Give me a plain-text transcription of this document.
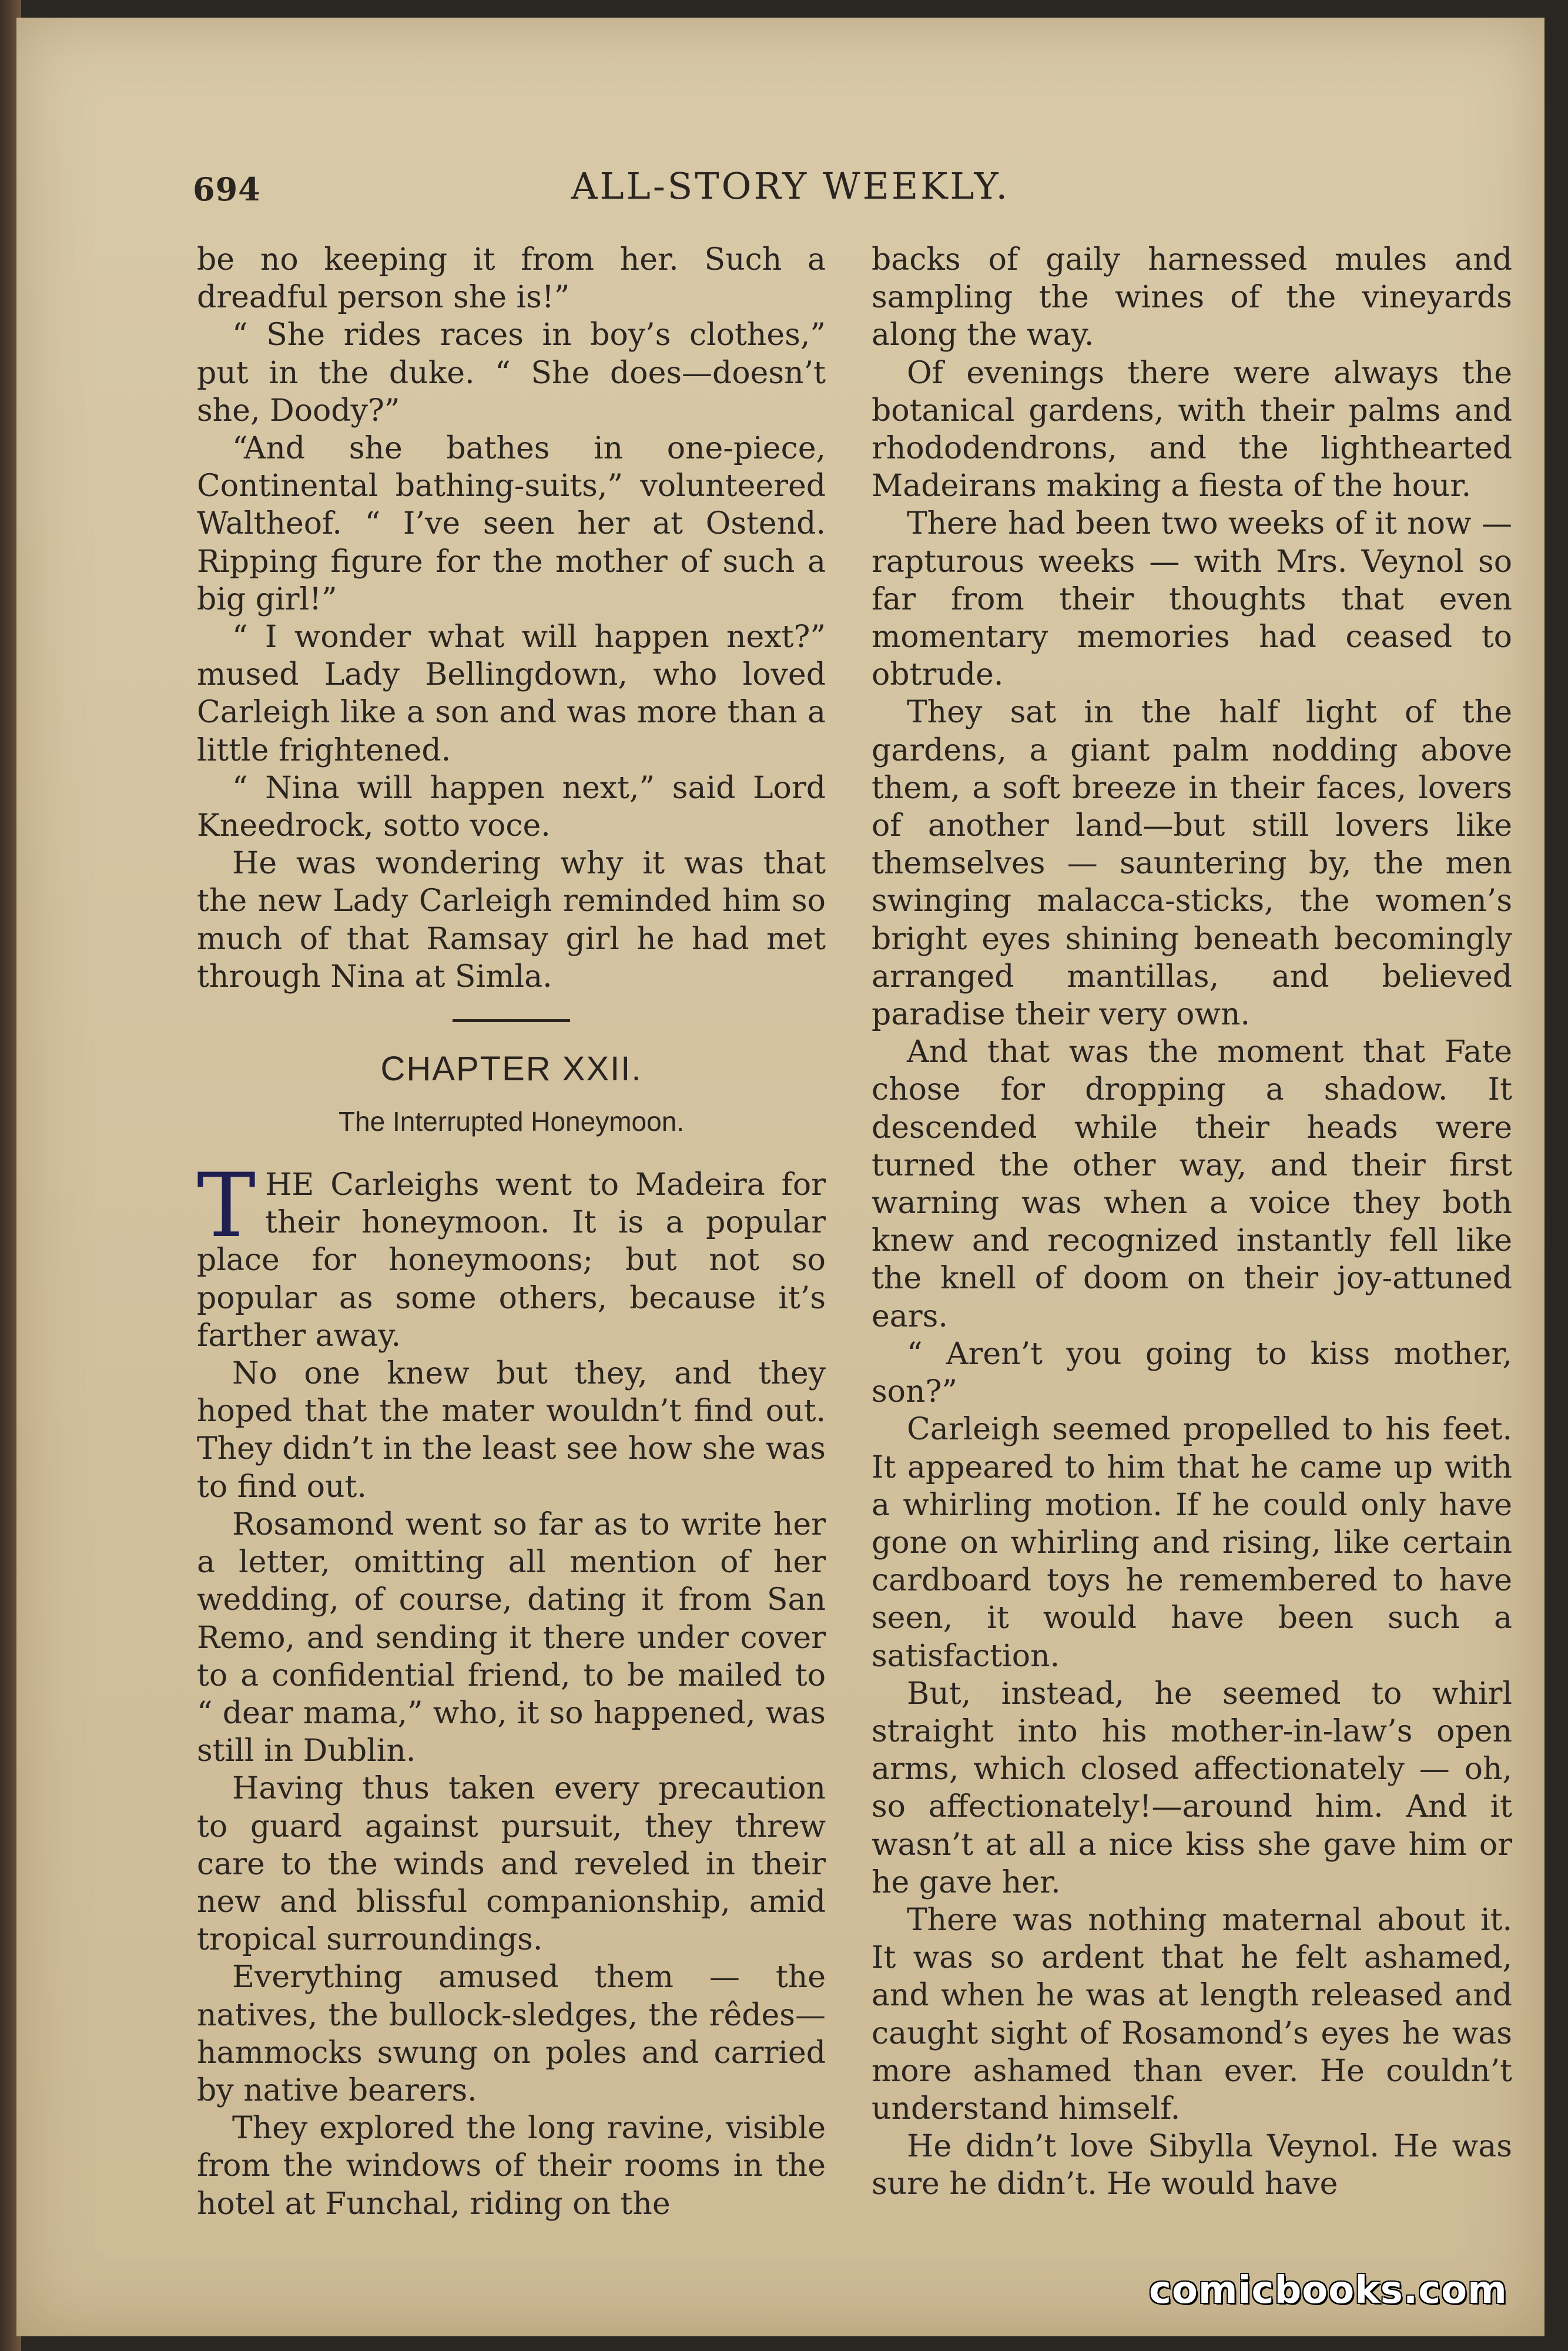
694	ALL-STORY WEEKLY.

be no keeping it from her. Such a dreadful person she is!”

“ She rides races in boy’s clothes,” put in the duke. “ She does—doesn’t she, Doody?”

“And she bathes in one-piece, Continental bathing-suits,” volunteered Waltheof. “ I’ve seen her at Ostend. Ripping figure for the mother of such a big girl!”

“ I wonder what will happen next?” mused Lady Bellingdown, who loved Carleigh like a son and was more than a little frightened.

“ Nina will happen next,” said Lord Kneedrock, sotto voce.

He was wondering why it was that the new Lady Carleigh reminded him so much of that Ramsay girl he had met through Nina at Simla.

CHAPTER XXII.
The Interrupted Honeymoon.

THE Carleighs went to Madeira for their honeymoon. It is a popular place for honeymoons; but not so popular as some others, because it’s farther away.

No one knew but they, and they hoped that the mater wouldn’t find out. They didn’t in the least see how she was to find out.

Rosamond went so far as to write her a letter, omitting all mention of her wedding, of course, dating it from San Remo, and sending it there under cover to a confidential friend, to be mailed to “ dear mama,” who, it so happened, was still in Dublin.

Having thus taken every precaution to guard against pursuit, they threw care to the winds and reveled in their new and blissful companionship, amid tropical surroundings.

Everything amused them — the natives, the bullock-sledges, the rêdes—hammocks swung on poles and carried by native bearers.

They explored the long ravine, visible from the windows of their rooms in the hotel at Funchal, riding on the

backs of gaily harnessed mules and sampling the wines of the vineyards along the way.

Of evenings there were always the botanical gardens, with their palms and rhododendrons, and the lighthearted Madeirans making a fiesta of the hour.

There had been two weeks of it now — rapturous weeks — with Mrs. Veynol so far from their thoughts that even momentary memories had ceased to obtrude.

They sat in the half light of the gardens, a giant palm nodding above them, a soft breeze in their faces, lovers of another land—but still lovers like themselves — sauntering by, the men swinging malacca-sticks, the women’s bright eyes shining beneath becomingly arranged mantillas, and believed paradise their very own.

And that was the moment that Fate chose for dropping a shadow. It descended while their heads were turned the other way, and their first warning was when a voice they both knew and recognized instantly fell like the knell of doom on their joy-attuned ears.

“ Aren’t you going to kiss mother, son?”

Carleigh seemed propelled to his feet. It appeared to him that he came up with a whirling motion. If he could only have gone on whirling and rising, like certain cardboard toys he remembered to have seen, it would have been such a satisfaction.

But, instead, he seemed to whirl straight into his mother-in-law’s open arms, which closed affectionately — oh, so affectionately!—around him. And it wasn’t at all a nice kiss she gave him or he gave her.

There was nothing maternal about it. It was so ardent that he felt ashamed, and when he was at length released and caught sight of Rosamond’s eyes he was more ashamed than ever. He couldn’t understand himself.

He didn’t love Sibylla Veynol. He was sure he didn’t. He would have

comicbooks.com
